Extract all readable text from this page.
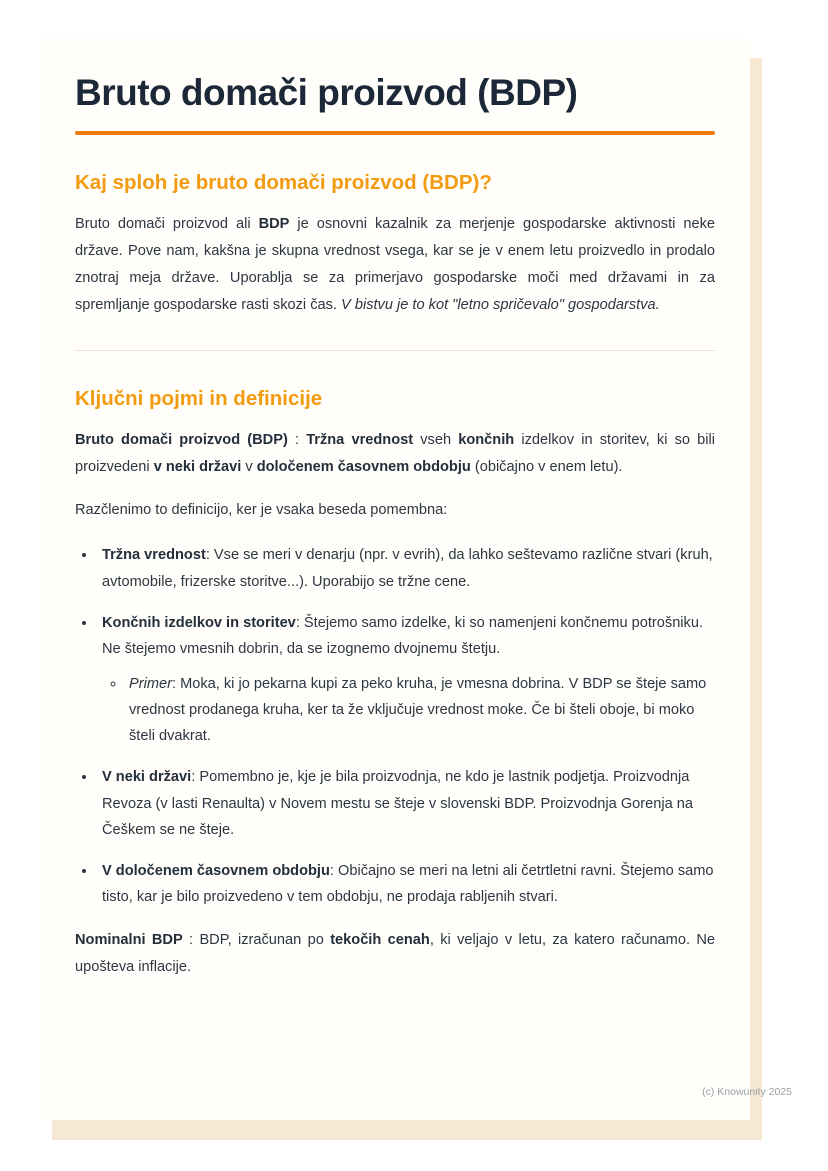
Bruto domači proizvod (BDP)
Kaj sploh je bruto domači proizvod (BDP)?

Bruto domači proizvod ali BDP je osnovni kazalnik za merjenje gospodarske aktivnosti neke države. Pove nam, kakšna je skupna vrednost vsega, kar se je v enem letu proizvedlo in prodalo znotraj meja države. Uporablja se za primerjavo gospodarske moči med državami in za spremljanje gospodarske rasti skozi čas. V bistvu je to kot "letno spričevalo" gospodarstva.

Ključni pojmi in definicije

Bruto domači proizvod (BDP) : Tržna vrednost vseh končnih izdelkov in storitev, ki so bili proizvedeni v neki državi v določenem časovnem obdobju (običajno v enem letu).

Razčlenimo to definicijo, ker je vsaka beseda pomembna:

• Tržna vrednost: Vse se meri v denarju (npr. v evrih), da lahko seštevamo različne stvari (kruh, avtomobile, frizerske storitve...). Uporabijo se tržne cene.
• Končnih izdelkov in storitev: Štejemo samo izdelke, ki so namenjeni končnemu potrošniku. Ne štejemo vmesnih dobrin, da se izognemo dvojnemu štetju.
◦ Primer: Moka, ki jo pekarna kupi za peko kruha, je vmesna dobrina. V BDP se šteje samo vrednost prodanega kruha, ker ta že vključuje vrednost moke. Če bi šteli oboje, bi moko šteli dvakrat.
• V neki državi: Pomembno je, kje je bila proizvodnja, ne kdo je lastnik podjetja. Proizvodnja Revoza (v lasti Renaulta) v Novem mestu se šteje v slovenski BDP. Proizvodnja Gorenja na Češkem se ne šteje.
• V določenem časovnem obdobju: Običajno se meri na letni ali četrtletni ravni. Štejemo samo tisto, kar je bilo proizvedeno v tem obdobju, ne prodaja rabljenih stvari.

Nominalni BDP : BDP, izračunan po tekočih cenah, ki veljajo v letu, za katero računamo. Ne upošteva inflacije.

(c) Knowunity 2025
